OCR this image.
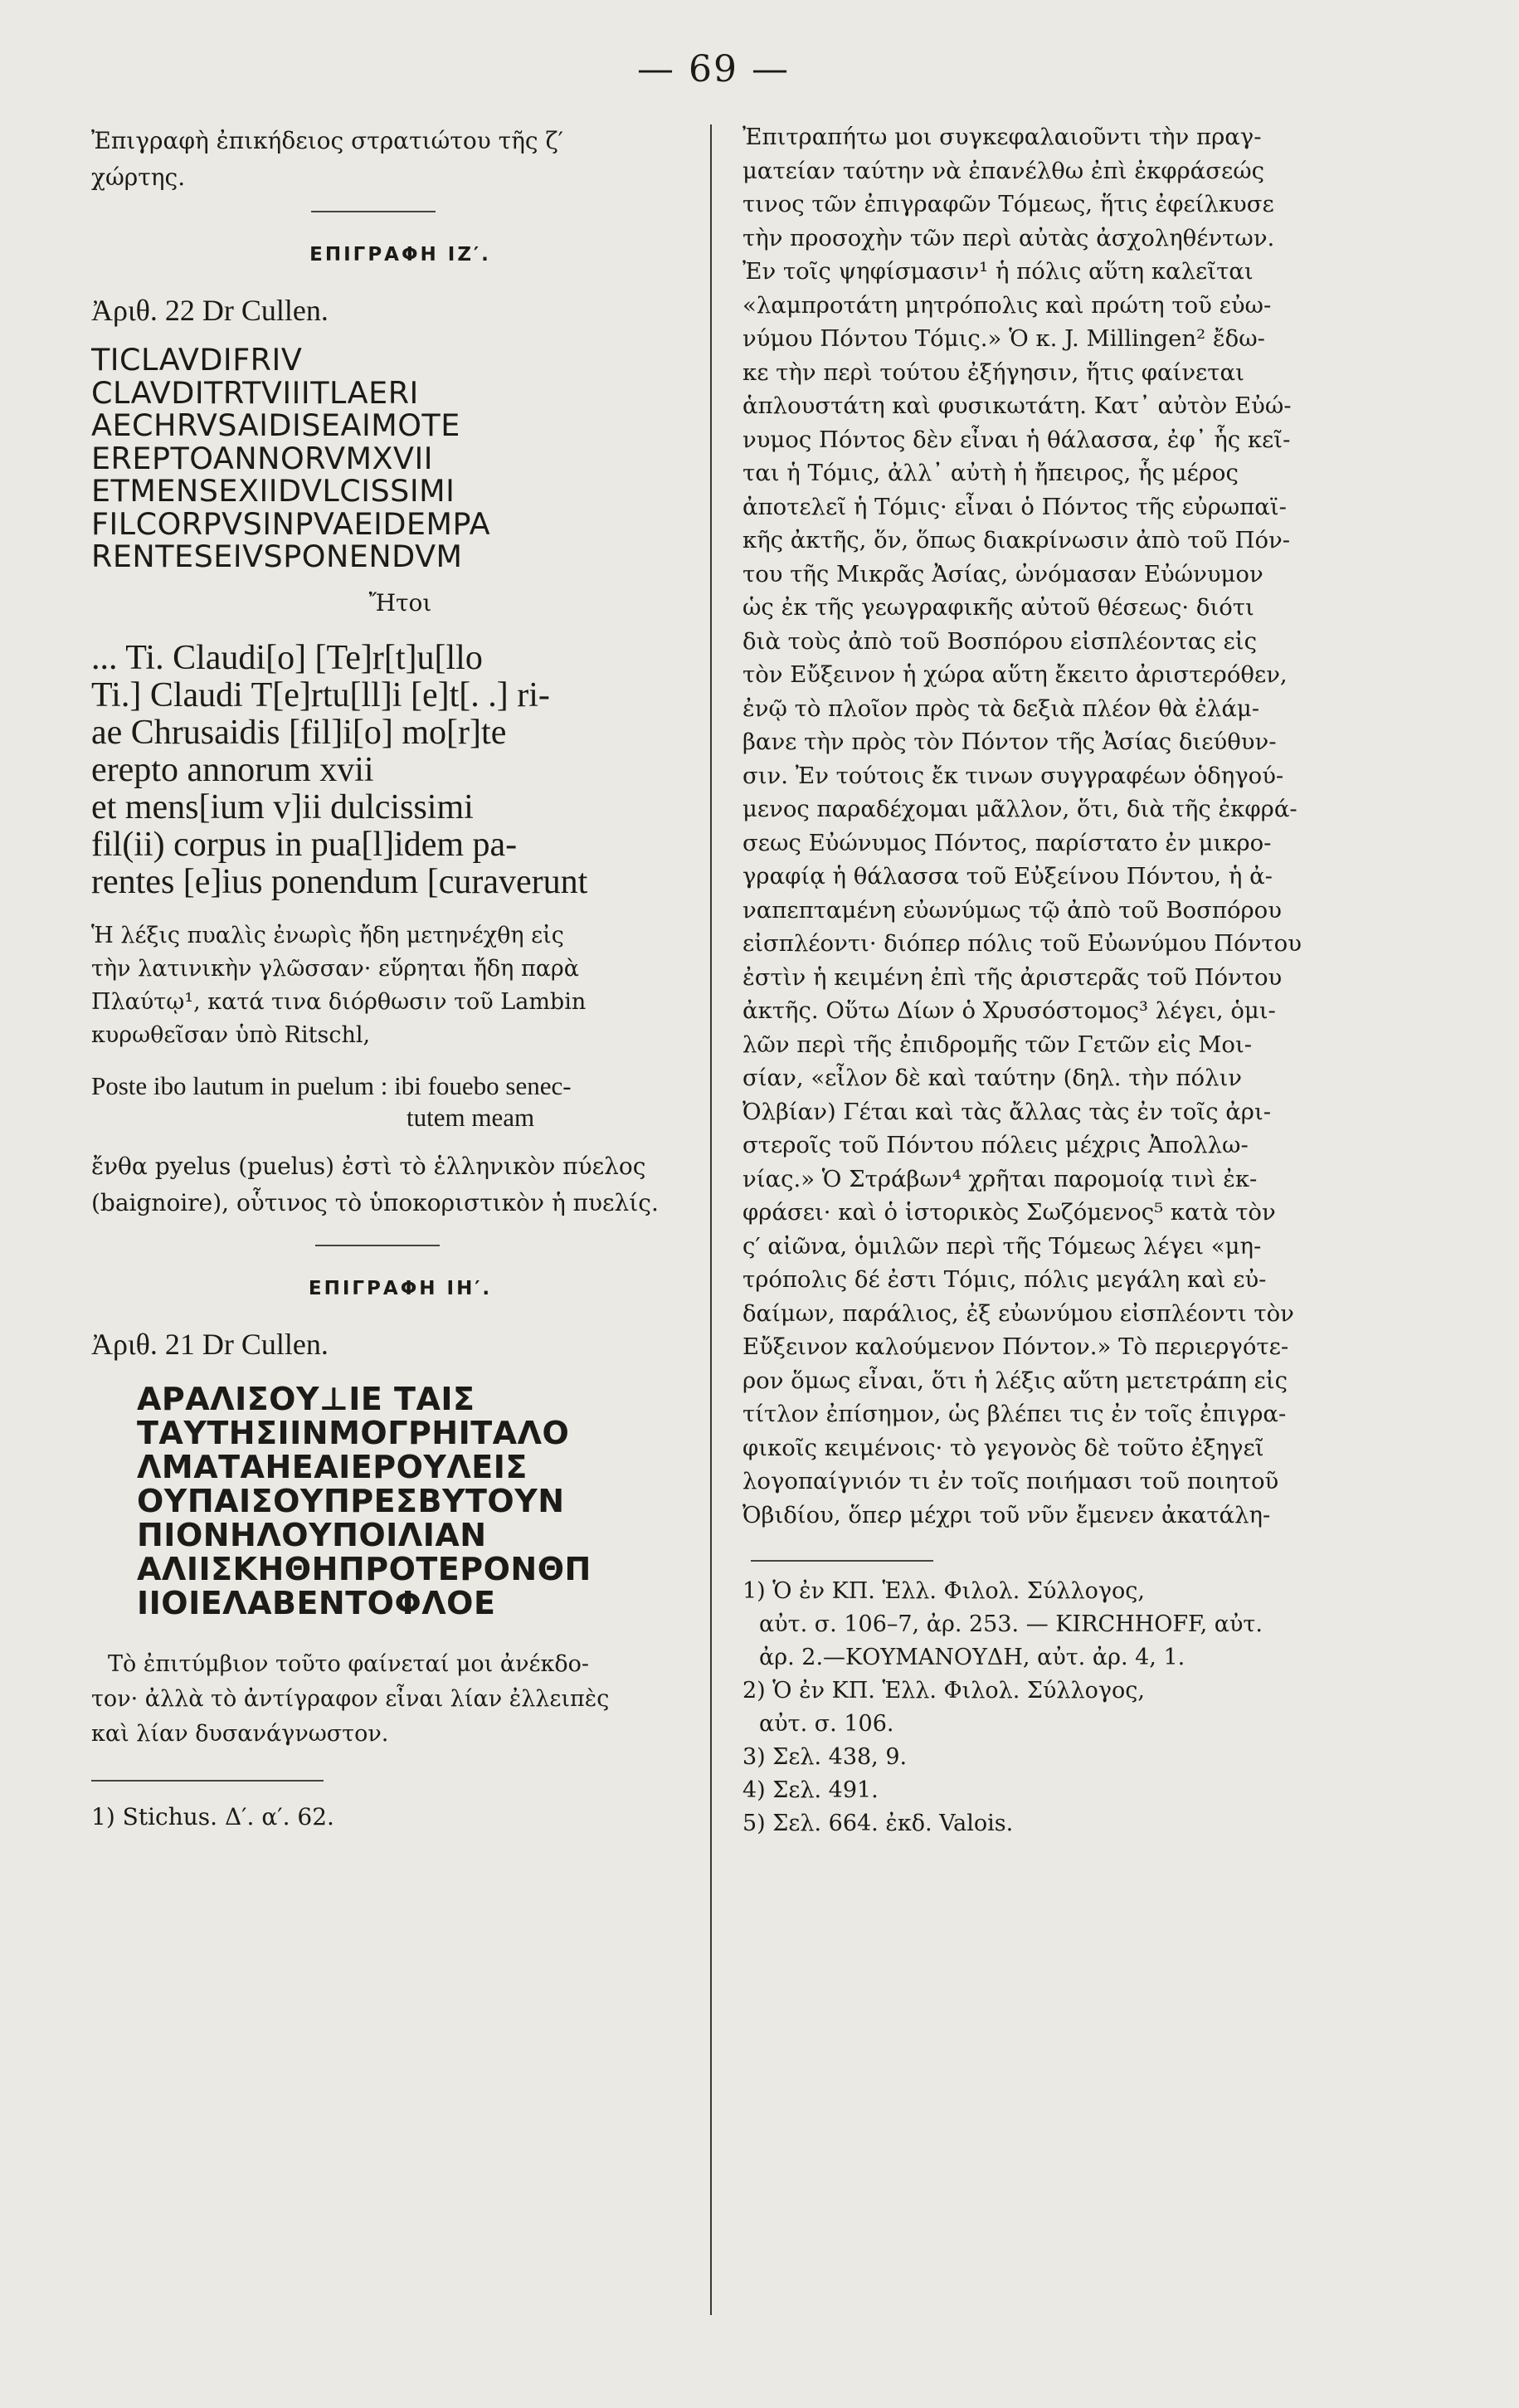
— 69 —
Ἐπιγραφὴ ἐπικήδειος στρατιώτου τῆς ζ′
χώρτης.

ΕΠΙΓΡΑΦΗ ΙΖ′.

Ἀριθ. 22 Dr Cullen.
TICLAVDIFRIV
CLAVDITRTVIIITLAΕRI
AECHRVSAIDISEAIMOTE
EREPTOANNORVMXVII
ETMENSEXIIDVLCISSIMI
FILCORPVSINPVAΕIDEMPA
RENTESΕIVSPONENDVM
Ἤτοι
... Ti. Claudi[o] [Te]r[t]u[llo
Ti.] Claudi T[e]rtu[ll]i [e]t[. .] ri-
ae Chrusaidis [fil]i[o] mo[r]te
erepto annorum xvii
et mens[ium v]ii dulcissimi
fil(ii) corpus in pua[l]idem pa-
rentes [e]ius ponendum [curaverunt
Ἡ λέξις πυαλὶς ἐνωρὶς ἤδη μετηνέχθη εἰς
τὴν λατινικὴν γλῶσσαν· εὕρηται ἤδη παρὰ
Πλαύτῳ¹, κατά τινα διόρθωσιν τοῦ Lambin
κυρωθεῖσαν ὑπὸ Ritschl,
Poste ibo lautum in puelum : ibi fouebo senec-
tutem meam
ἔνθα pyelus (puelus) ἐστὶ τὸ ἑλληνικὸν πύελος
(baignoire), οὗτινος τὸ ὑποκοριστικὸν ἡ πυελίς.

ΕΠΙΓΡΑΦΗ ΙΗ′.

Ἀριθ. 21 Dr Cullen.
ΑΡΑΛΙΣΟΥ⊥ΙΕ ΤΑΙΣ
ΤΑΥΤΗΣΙΙΝΜΟΓΡΗΙΤΑΛΟ
ΛΜΑΤΑΗΕΑΙΕΡΟΥΛΕΙΣ
ΟΥΠΑΙΣΟΥΠΡΕΣΒΥΤΟΥΝ
ΠΙΟΝΗΛΟΥΠΟΙΛΙΑΝ
ΑΛΙΙΣΚΗΘΗΠΡΟΤΕΡΟΝΘΠ
ΙΙΟΙΕΛΑΒΕΝΤΟΦΛΟΕ
Τὸ ἐπιτύμβιον τοῦτο φαίνεταί μοι ἀνέκδο-
τον· ἀλλὰ τὸ ἀντίγραφον εἶναι λίαν ἐλλειπὲς
καὶ λίαν δυσανάγνωστον.
1) Stichus. Δ′. α′. 62.
Ἐπιτραπήτω μοι συγκεφαλαιοῦντι τὴν πραγ-
ματείαν ταύτην νὰ ἐπανέλθω ἐπὶ ἐκφράσεώς
τινος τῶν ἐπιγραφῶν Τόμεως, ἥτις ἐφείλκυσε
τὴν προσοχὴν τῶν περὶ αὐτὰς ἀσχοληθέντων.
Ἐν τοῖς ψηφίσμασιν¹ ἡ πόλις αὕτη καλεῖται
«λαμπροτάτη μητρόπολις καὶ πρώτη τοῦ εὐω-
νύμου Πόντου Τόμις.» Ὁ κ. J. Millingen² ἔδω-
κε τὴν περὶ τούτου ἐξήγησιν, ἥτις φαίνεται
ἁπλουστάτη καὶ φυσικωτάτη. Κατ᾿ αὐτὸν Εὐώ-
νυμος Πόντος δὲν εἶναι ἡ θάλασσα, ἐφ᾿ ἧς κεῖ-
ται ἡ Τόμις, ἀλλ᾿ αὐτὴ ἡ ἤπειρος, ἧς μέρος
ἀποτελεῖ ἡ Τόμις· εἶναι ὁ Πόντος τῆς εὐρωπαϊ-
κῆς ἀκτῆς, ὅν, ὅπως διακρίνωσιν ἀπὸ τοῦ Πόν-
του τῆς Μικρᾶς Ἀσίας, ὠνόμασαν Εὐώνυμον
ὡς ἐκ τῆς γεωγραφικῆς αὐτοῦ θέσεως· διότι
διὰ τοὺς ἀπὸ τοῦ Βοσπόρου εἰσπλέοντας εἰς
τὸν Εὔξεινον ἡ χώρα αὕτη ἔκειτο ἀριστερόθεν,
ἐνῷ τὸ πλοῖον πρὸς τὰ δεξιὰ πλέον θὰ ἐλάμ-
βανε τὴν πρὸς τὸν Πόντον τῆς Ἀσίας διεύθυν-
σιν. Ἐν τούτοις ἔκ τινων συγγραφέων ὁδηγού-
μενος παραδέχομαι μᾶλλον, ὅτι, διὰ τῆς ἐκφρά-
σεως Εὐώνυμος Πόντος, παρίστατο ἐν μικρο-
γραφίᾳ ἡ θάλασσα τοῦ Εὐξείνου Πόντου, ἡ ἀ-
ναπεπταμένη εὐωνύμως τῷ ἀπὸ τοῦ Βοσπόρου
εἰσπλέοντι· διόπερ πόλις τοῦ Εὐωνύμου Πόντου
ἐστὶν ἡ κειμένη ἐπὶ τῆς ἀριστερᾶς τοῦ Πόντου
ἀκτῆς. Οὕτω Δίων ὁ Χρυσόστομος³ λέγει, ὁμι-
λῶν περὶ τῆς ἐπιδρομῆς τῶν Γετῶν εἰς Μοι-
σίαν, «εἶλον δὲ καὶ ταύτην (δηλ. τὴν πόλιν
Ὀλβίαν) Γέται καὶ τὰς ἄλλας τὰς ἐν τοῖς ἀρι-
στεροῖς τοῦ Πόντου πόλεις μέχρις Ἀπολλω-
νίας.» Ὁ Στράβων⁴ χρῆται παρομοίᾳ τινὶ ἐκ-
φράσει· καὶ ὁ ἱστορικὸς Σωζόμενος⁵ κατὰ τὸν
ς′ αἰῶνα, ὁμιλῶν περὶ τῆς Τόμεως λέγει «μη-
τρόπολις δέ ἐστι Τόμις, πόλις μεγάλη καὶ εὐ-
δαίμων, παράλιος, ἐξ εὐωνύμου εἰσπλέοντι τὸν
Εὔξεινον καλούμενον Πόντον.» Τὸ περιεργότε-
ρον ὅμως εἶναι, ὅτι ἡ λέξις αὕτη μετετράπη εἰς
τίτλον ἐπίσημον, ὡς βλέπει τις ἐν τοῖς ἐπιγρα-
φικοῖς κειμένοις· τὸ γεγονὸς δὲ τοῦτο ἐξηγεῖ
λογοπαίγνιόν τι ἐν τοῖς ποιήμασι τοῦ ποιητοῦ
Ὀβιδίου, ὅπερ μέχρι τοῦ νῦν ἔμενεν ἀκατάλη-
1) Ὁ ἐν ΚΠ. Ἑλλ. Φιλολ. Σύλλογος,
αὐτ. σ. 106–7, ἀρ. 253. — KIRCHHOFF, αὐτ.
ἀρ. 2.—ΚΟΥΜΑΝΟΥΔΗ, αὐτ. ἀρ. 4, 1.
2) Ὁ ἐν ΚΠ. Ἑλλ. Φιλολ. Σύλλογος,
αὐτ. σ. 106.
3) Σελ. 438, 9.
4) Σελ. 491.
5) Σελ. 664. ἐκδ. Valois.
